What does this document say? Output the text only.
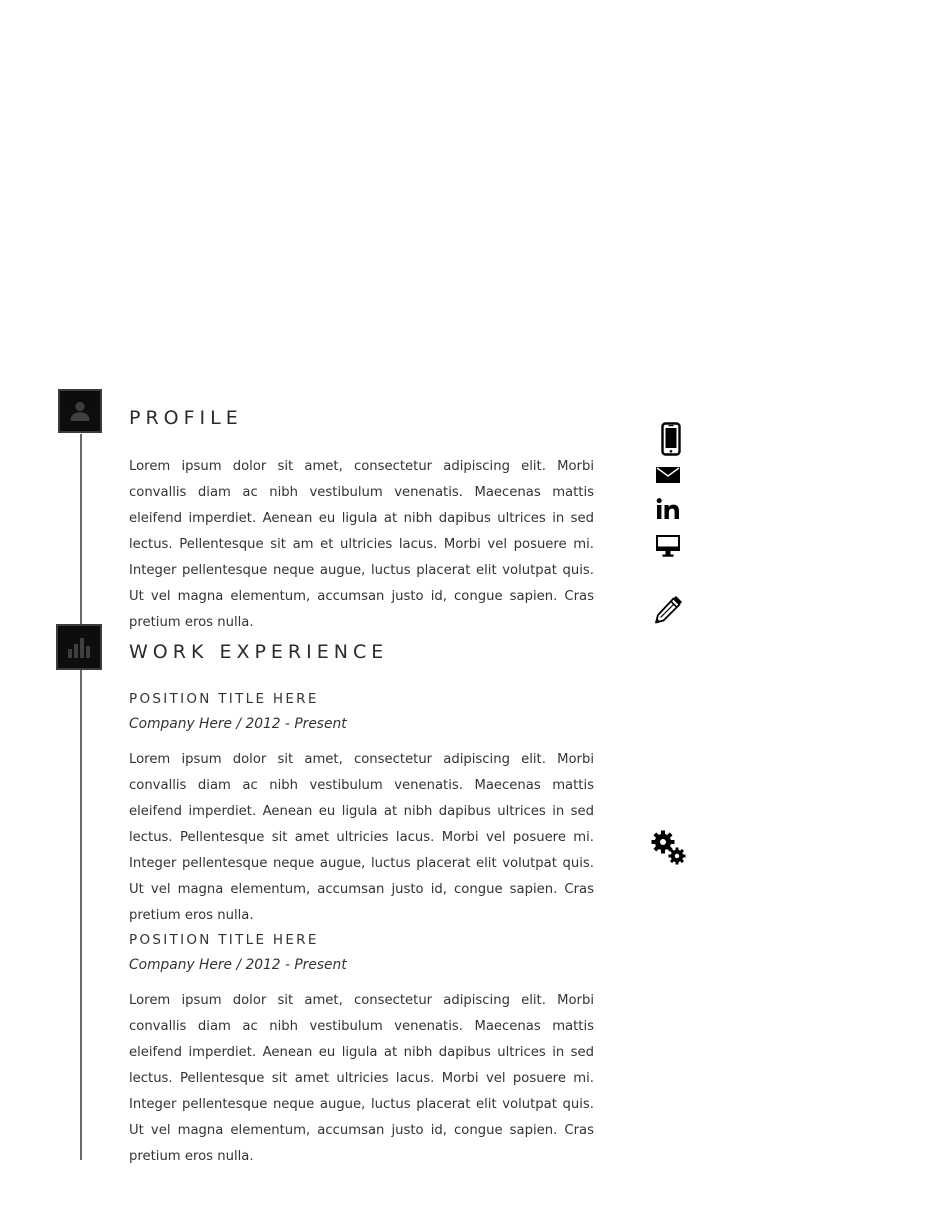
PROFILE

Lorem ipsum dolor sit amet, consectetur adipiscing elit. Morbi convallis diam ac nibh vestibulum venenatis. Maecenas mattis eleifend imperdiet. Aenean eu ligula at nibh dapibus ultrices in sed lectus. Pellentesque sit am et ultricies lacus. Morbi vel posuere mi. Integer pellentesque neque augue, luctus placerat elit volutpat quis. Ut vel magna elementum, accumsan justo id, congue sapien. Cras pretium eros nulla.

WORK EXPERIENCE
POSITION TITLE HERE

Company Here / 2012 - Present

Lorem ipsum dolor sit amet, consectetur adipiscing elit. Morbi convallis diam ac nibh vestibulum venenatis. Maecenas mattis eleifend imperdiet. Aenean eu ligula at nibh dapibus ultrices in sed lectus. Pellentesque sit amet ultricies lacus. Morbi vel posuere mi. Integer pellentesque neque augue, luctus placerat elit volutpat quis. Ut vel magna elementum, accumsan justo id, congue sapien. Cras pretium eros nulla.

POSITION TITLE HERE

Company Here / 2012 - Present

Lorem ipsum dolor sit amet, consectetur adipiscing elit. Morbi convallis diam ac nibh vestibulum venenatis. Maecenas mattis eleifend imperdiet. Aenean eu ligula at nibh dapibus ultrices in sed lectus. Pellentesque sit amet ultricies lacus. Morbi vel posuere mi. Integer pellentesque neque augue, luctus placerat elit volutpat quis. Ut vel magna elementum, accumsan justo id, congue sapien. Cras pretium eros nulla.
